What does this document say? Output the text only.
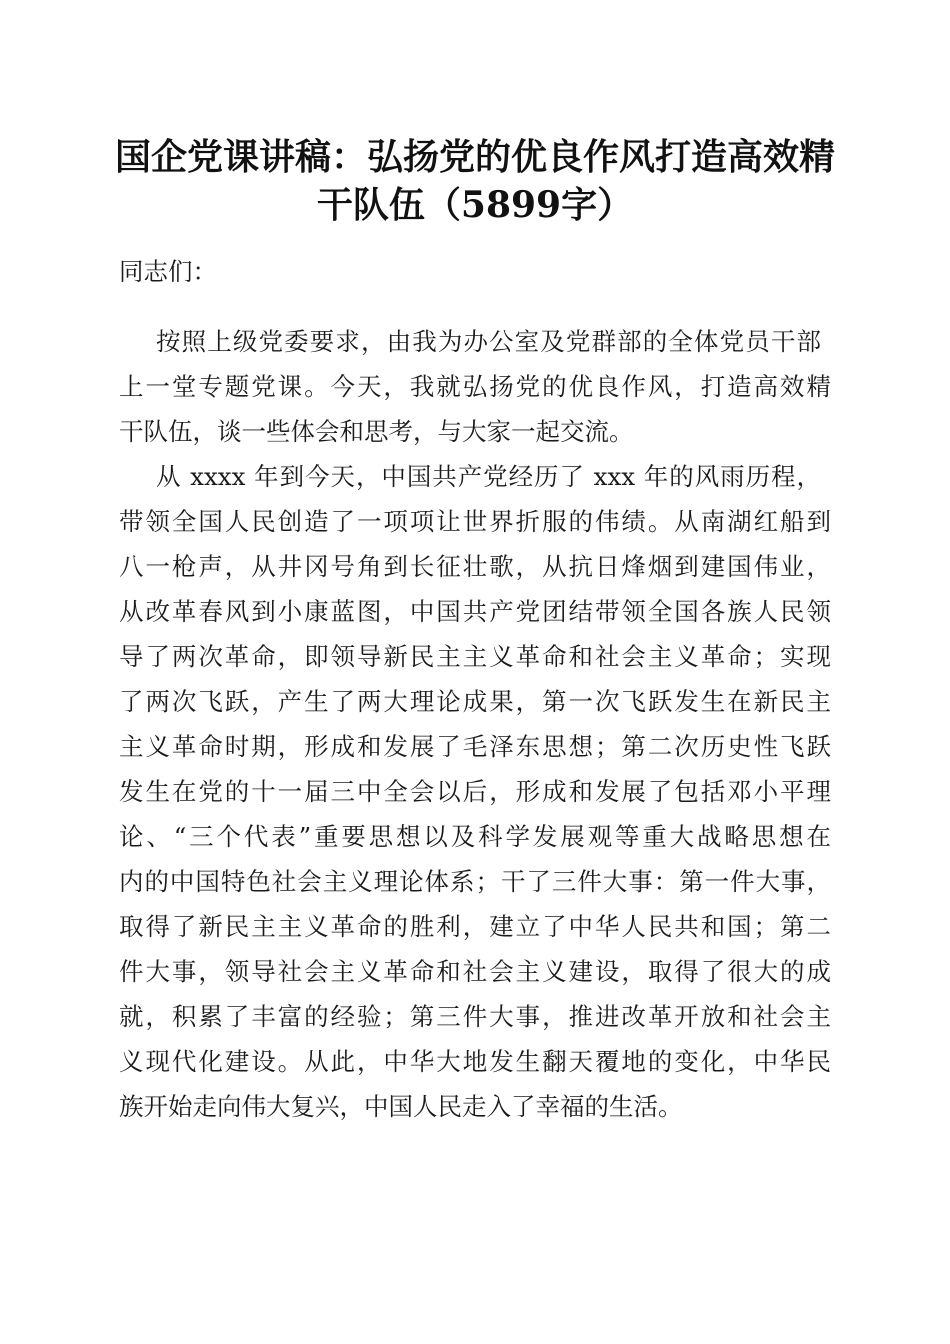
国企党课讲稿：弘扬党的优良作风打造高效精
干队伍（5899字）
同志们：
按照上级党委要求，由我为办公室及党群部的全体党员干部
上一堂专题党课。今天，我就弘扬党的优良作风，打造高效精
干队伍，谈一些体会和思考，与大家一起交流。
从 xxxx 年到今天，中国共产党经历了 xxx 年的风雨历程，
带领全国人民创造了一项项让世界折服的伟绩。从南湖红船到
八一枪声，从井冈号角到长征壮歌，从抗日烽烟到建国伟业，
从改革春风到小康蓝图，中国共产党团结带领全国各族人民领
导了两次革命，即领导新民主主义革命和社会主义革命；实现
了两次飞跃，产生了两大理论成果，第一次飞跃发生在新民主
主义革命时期，形成和发展了毛泽东思想；第二次历史性飞跃
发生在党的十一届三中全会以后，形成和发展了包括邓小平理
论、“三个代表”重要思想以及科学发展观等重大战略思想在
内的中国特色社会主义理论体系；干了三件大事：第一件大事，
取得了新民主主义革命的胜利，建立了中华人民共和国；第二
件大事，领导社会主义革命和社会主义建设，取得了很大的成
就，积累了丰富的经验；第三件大事，推进改革开放和社会主
义现代化建设。从此，中华大地发生翻天覆地的变化，中华民
族开始走向伟大复兴，中国人民走入了幸福的生活。
